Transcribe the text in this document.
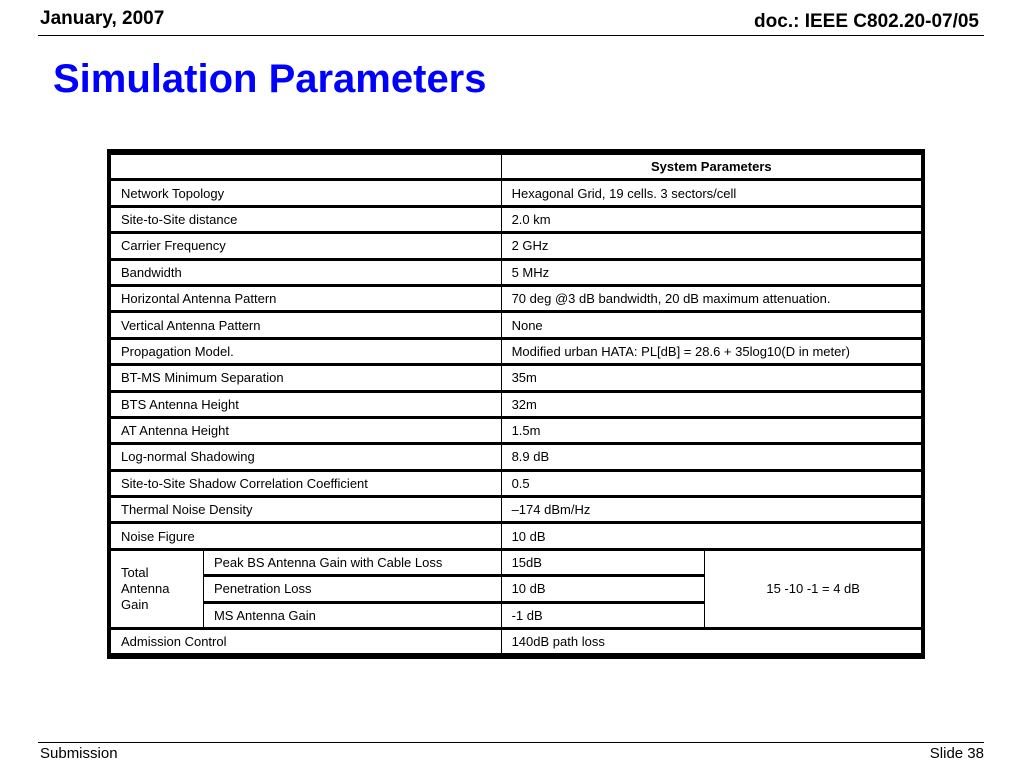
January, 2007	doc.: IEEE C802.20-07/05
Simulation Parameters
		System Parameters	
Network Topology		Hexagonal Grid, 19 cells. 3 sectors/cell	
Site-to-Site distance		2.0 km	
Carrier Frequency		2 GHz	
Bandwidth		5 MHz	
Horizontal Antenna Pattern		70 deg @3 dB bandwidth, 20 dB maximum attenuation.	
Vertical Antenna Pattern		None	
Propagation Model.		Modified urban HATA: PL[dB] = 28.6 + 35log10(D in meter)	
BT-MS Minimum Separation		35m	
BTS Antenna Height		32m	
AT Antenna Height		1.5m	
Log-normal Shadowing		8.9 dB	
Site-to-Site Shadow Correlation Coefficient		0.5	
Thermal Noise Density		–174 dBm/Hz	
Noise Figure		10 dB	
Total Antenna Gain	Peak BS Antenna Gain with Cable Loss	15dB	15 -10 -1 = 4 dB
	Penetration Loss	10 dB	
	MS Antenna Gain	-1 dB	
Admission Control		140dB path loss	
Submission	Slide 38
